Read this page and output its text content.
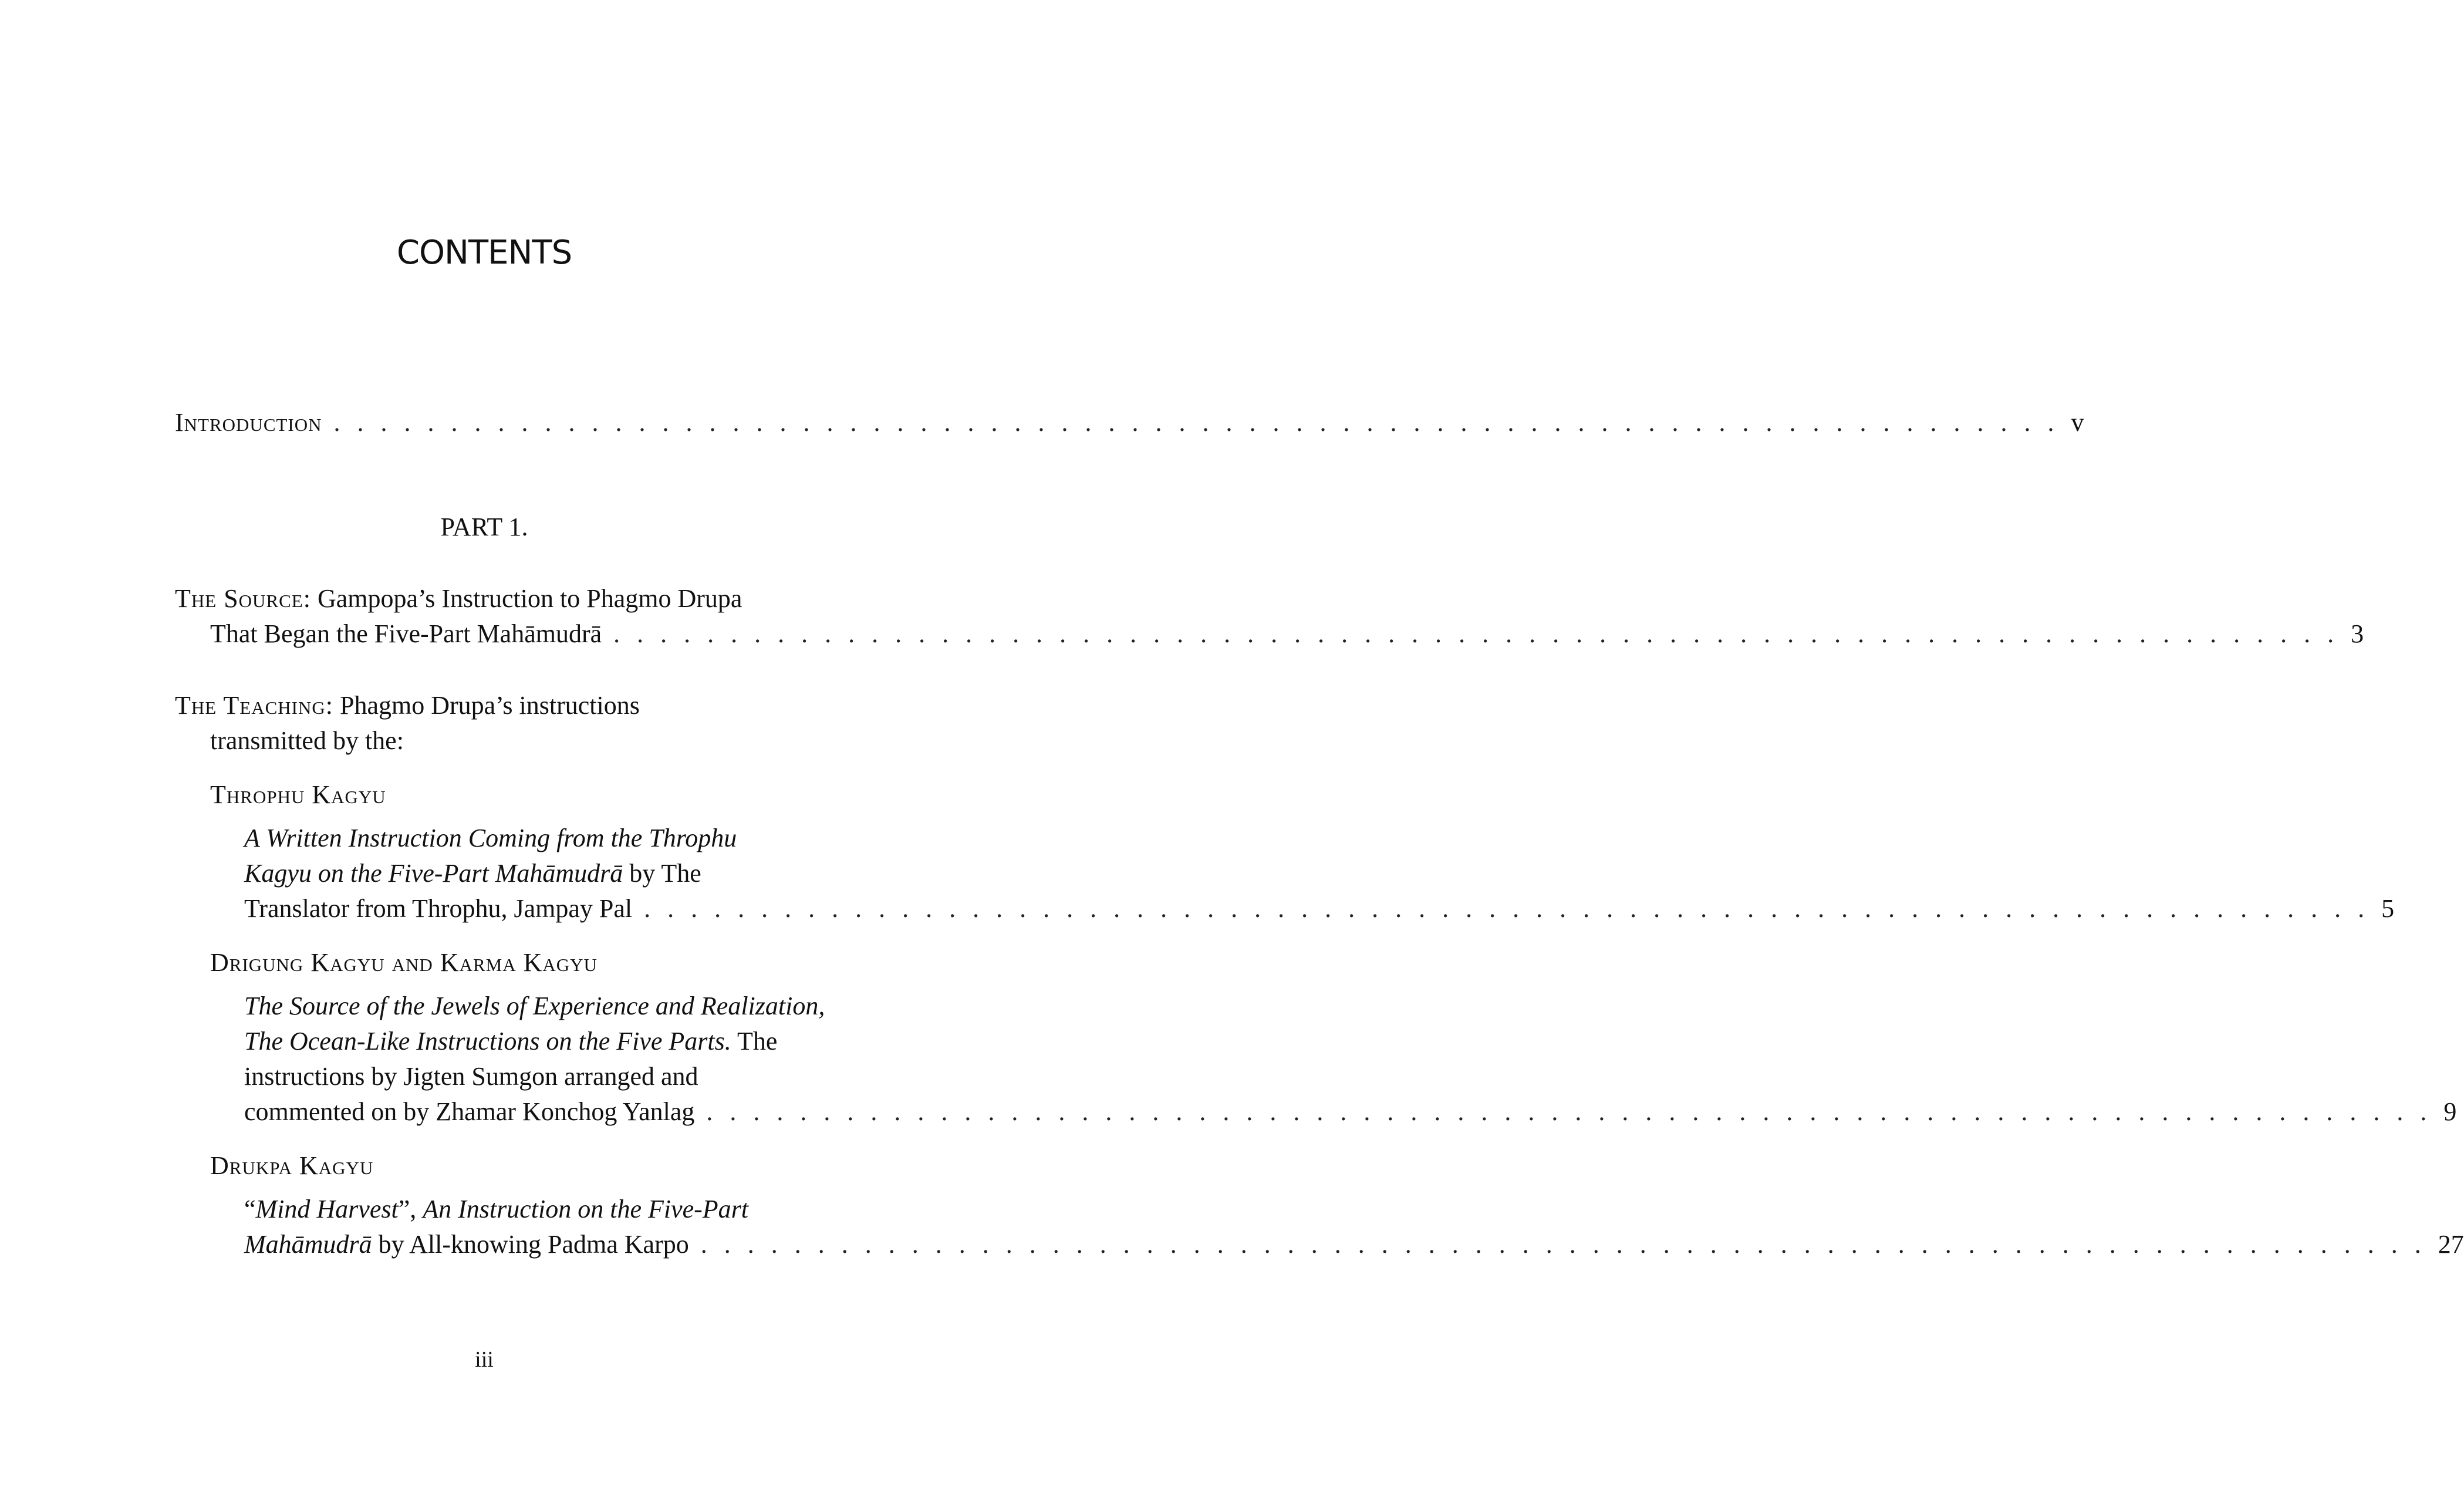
CONTENTS
Introduction . . . . . . . . . . . . . . . . . . . . . . . . . . . . . . . . . . . . . . . . . . . . . . . . . . . . . . . . . . . . . . . . . . . . . . . . . . v
PART 1.
The Source: Gampopa’s Instruction to Phagmo Drupa
That Began the Five-Part Mahāmudrā . . . . . . . . . . . . . . . . . . . . . . . . . . . . . . . . . . . . . . . . . . . . . . . . . . . . . . . . . . . . . . . . . . . . . . . . . . 3
The Teaching: Phagmo Drupa’s instructions
transmitted by the:
Throphu Kagyu
A Written Instruction Coming from the Throphu
Kagyu on the Five-Part Mahāmudrā by The
Translator from Throphu, Jampay Pal . . . . . . . . . . . . . . . . . . . . . . . . . . . . . . . . . . . . . . . . . . . . . . . . . . . . . . . . . . . . . . . . . . . . . . . . . . 5
Drigung Kagyu and Karma Kagyu
The Source of the Jewels of Experience and Realization,
The Ocean-Like Instructions on the Five Parts. The
instructions by Jigten Sumgon arranged and
commented on by Zhamar Konchog Yanlag . . . . . . . . . . . . . . . . . . . . . . . . . . . . . . . . . . . . . . . . . . . . . . . . . . . . . . . . . . . . . . . . . . . . . . . . . . 9
Drukpa Kagyu
“Mind Harvest”, An Instruction on the Five-Part
Mahāmudrā by All-knowing Padma Karpo . . . . . . . . . . . . . . . . . . . . . . . . . . . . . . . . . . . . . . . . . . . . . . . . . . . . . . . . . . . . . . . . . . . . . . . . . . 27
iii
